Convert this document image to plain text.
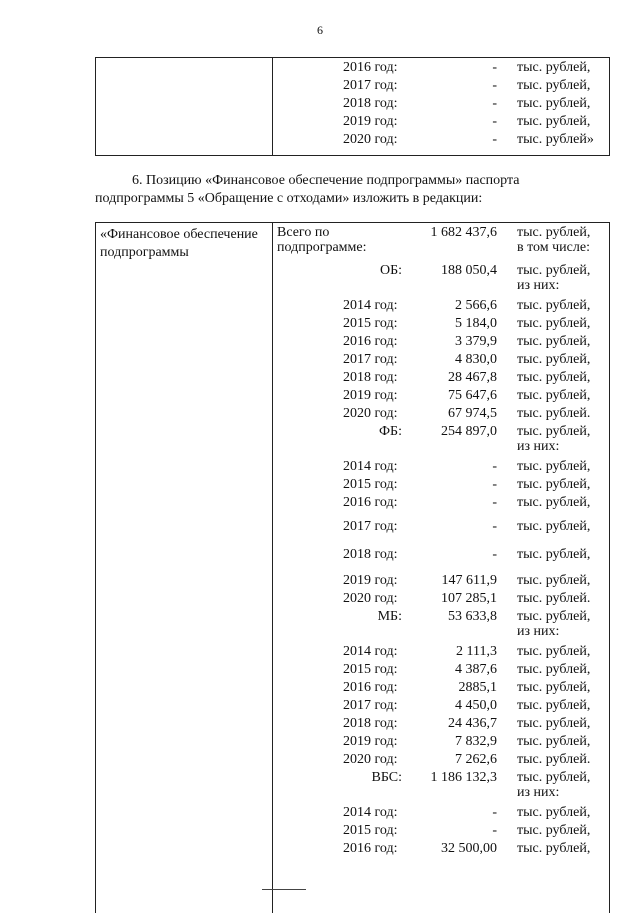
6
2016 год:	- тыс. рублей,
2017 год:	- тыс. рублей,
2018 год:	- тыс. рублей,
2019 год:	- тыс. рублей,
2020 год:	- тыс. рублей»
6. Позицию «Финансовое обеспечение подпрограммы» паспорта
подпрограммы 5 «Обращение с отходами» изложить в редакции:
«Финансовое обеспечение подпрограммы
Всего по	1 682 437,6 тыс. рублей,
подпрограмме:	в том числе:
ОБ:	188 050,4 тыс. рублей,
из них:
2014 год:	2 566,6 тыс. рублей,
2015 год:	5 184,0 тыс. рублей,
2016 год:	3 379,9 тыс. рублей,
2017 год:	4 830,0 тыс. рублей,
2018 год:	28 467,8 тыс. рублей,
2019 год:	75 647,6 тыс. рублей,
2020 год:	67 974,5 тыс. рублей.
ФБ:	254 897,0 тыс. рублей,
из них:
2014 год:	- тыс. рублей,
2015 год:	- тыс. рублей,
2016 год:	- тыс. рублей,
2017 год:	- тыс. рублей,
2018 год:	- тыс. рублей,
2019 год:	147 611,9 тыс. рублей,
2020 год:	107 285,1 тыс. рублей.
МБ:	53 633,8 тыс. рублей,
из них:
2014 год:	2 111,3 тыс. рублей,
2015 год:	4 387,6 тыс. рублей,
2016 год:	2885,1 тыс. рублей,
2017 год:	4 450,0 тыс. рублей,
2018 год:	24 436,7 тыс. рублей,
2019 год:	7 832,9 тыс. рублей,
2020 год:	7 262,6 тыс. рублей.
ВБС: 1 186 132,3 тыс. рублей,
из них:
2014 год:	- тыс. рублей,
2015 год:	- тыс. рублей,
2016 год:	32 500,00 тыс. рублей,
